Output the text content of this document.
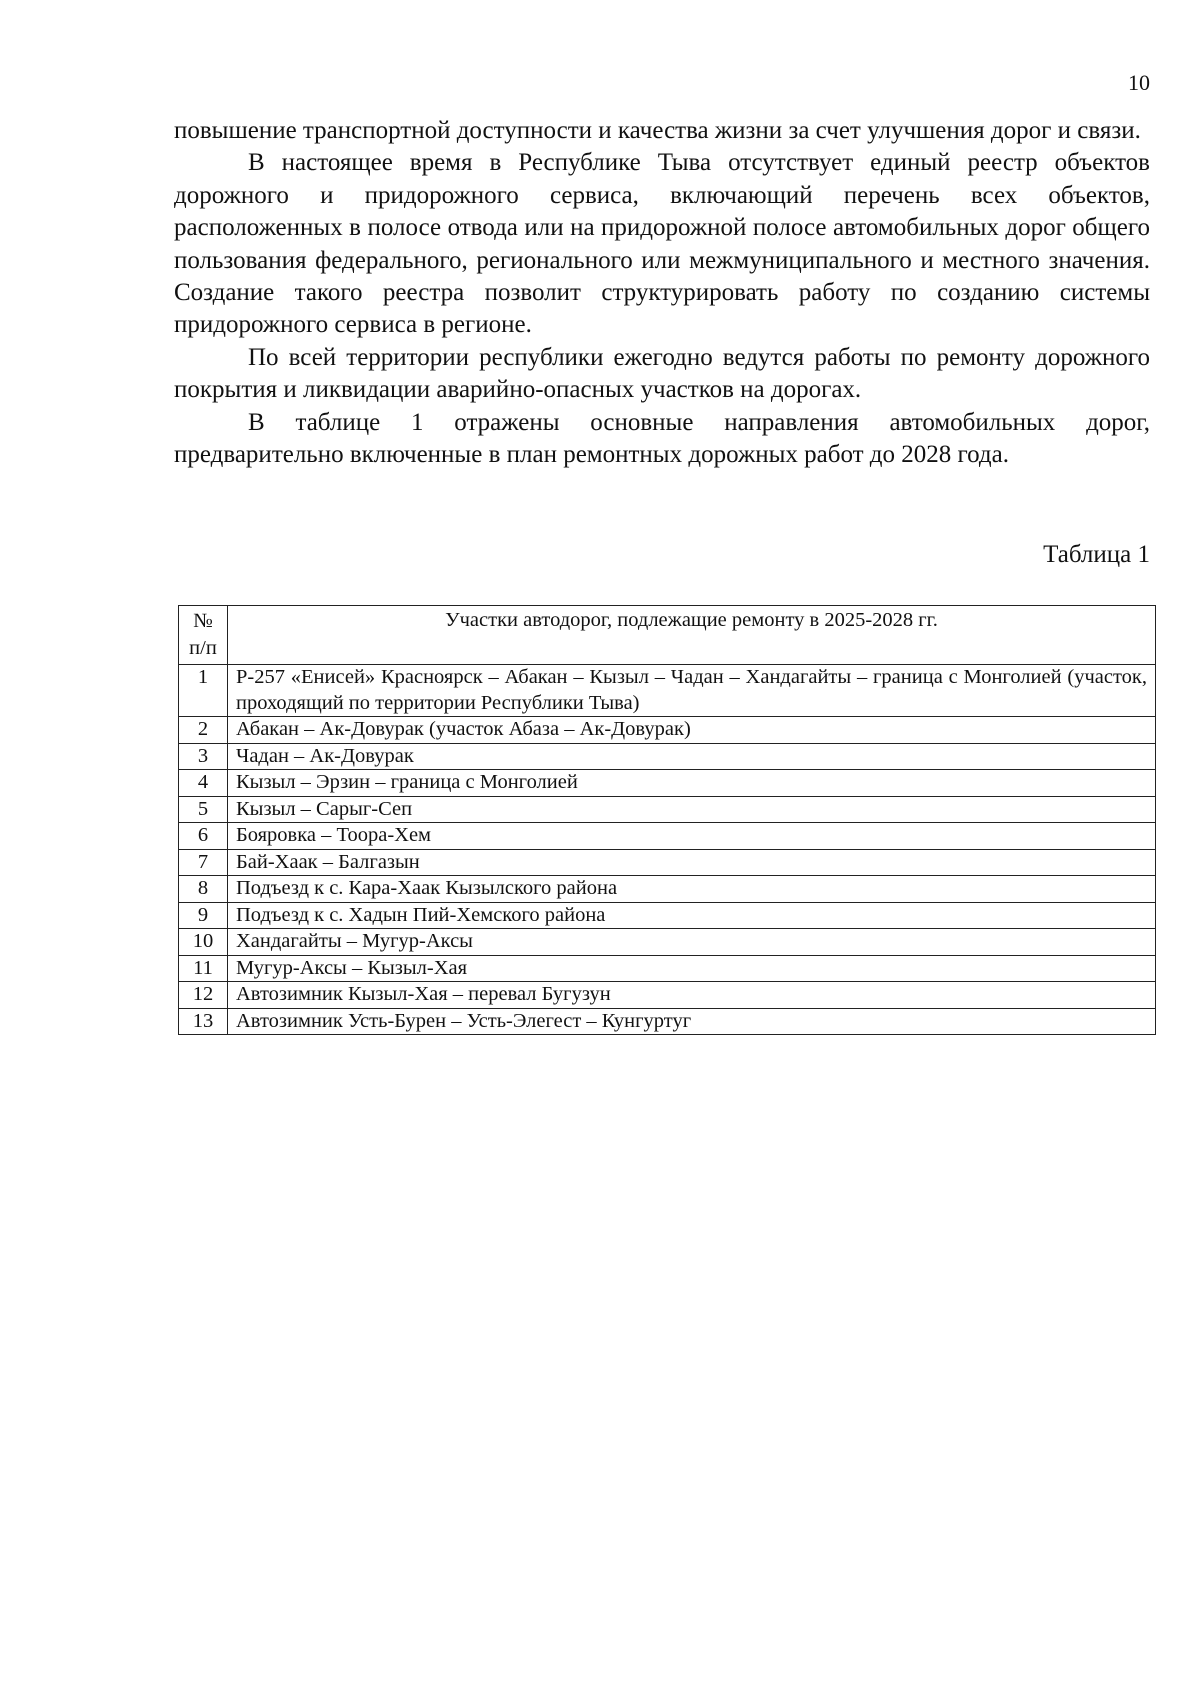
10

повышение транспортной доступности и качества жизни за счет улучшения дорог и связи.

В настоящее время в Республике Тыва отсутствует единый реестр объектов дорожного и придорожного сервиса, включающий перечень всех объектов, расположенных в полосе отвода или на придорожной полосе автомобильных дорог общего пользования федерального, регионального или межмуниципального и местного значения. Создание такого реестра позволит структурировать работу по созданию системы придорожного сервиса в регионе.

По всей территории республики ежегодно ведутся работы по ремонту дорожного покрытия и ликвидации аварийно-опасных участков на дорогах.

В таблице 1 отражены основные направления автомобильных дорог, предварительно включенные в план ремонтных дорожных работ до 2028 года.

Таблица 1
№
п/п	Участки автодорог, подлежащие ремонту в 2025-2028 гг.
1	Р-257 «Енисей» Красноярск – Абакан – Кызыл – Чадан – Хандагайты – граница с Монголией (участок, проходящий по территории Республики Тыва)
2	Абакан – Ак-Довурак (участок Абаза – Ак-Довурак)
3	Чадан – Ак-Довурак
4	Кызыл – Эрзин – граница с Монголией
5	Кызыл – Сарыг-Сеп
6	Бояровка – Тоора-Хем
7	Бай-Хаак – Балгазын
8	Подъезд к с. Кара-Хаак Кызылского района
9	Подъезд к с. Хадын Пий-Хемского района
10	Хандагайты – Мугур-Аксы
11	Мугур-Аксы – Кызыл-Хая
12	Автозимник Кызыл-Хая – перевал Бугузун
13	Автозимник Усть-Бурен – Усть-Элегест – Кунгуртуг
